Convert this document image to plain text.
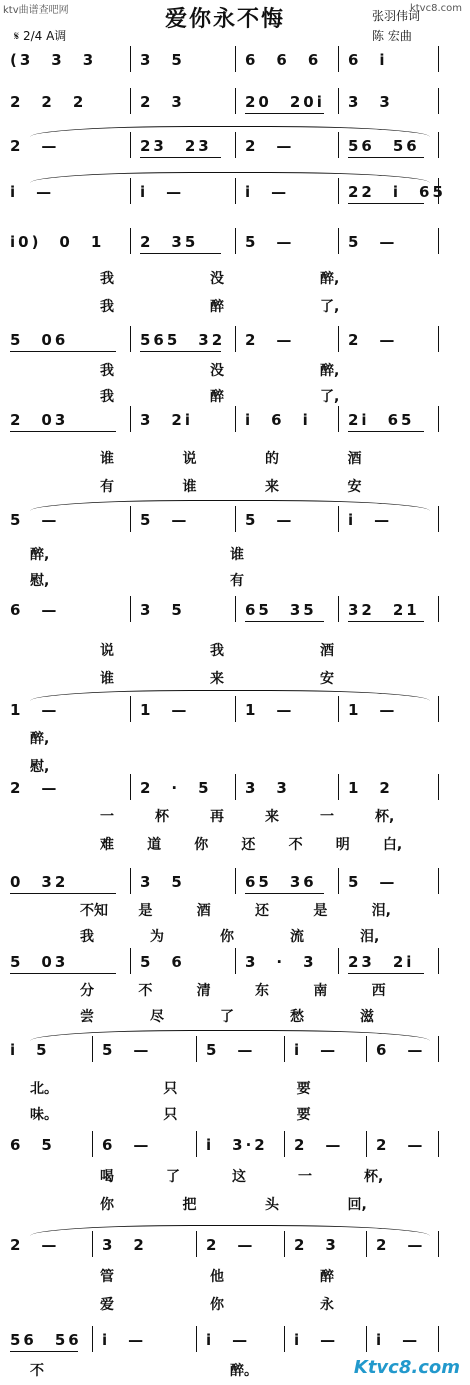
ktv曲谱查吧网	ktvc8.com
爱你永不悔	张羽伟词
陈 宏曲
𝄋 2/4 A调
(3 3 3	3 5	6 6 6 6 i
2 2 2	2 3	20 20i 3 3
2 —	23 23 2 —	56 56
i —	i —	i —	22 i 65
i0) 0 1 2 35	5 —	5 —
5 06	565 32 2 —	2 —
2 03	3 2i	i 6 i 2i 65
5 —	5 —	5 —	i —
6 —	3 5	65 35 32 21
1 —	1 —	1 —	1 —
2 —	2 · 5 3 3	1 2
0 32	3 5	65 36 5 —
5 03	5 6	3 · 3 23 2i
i 5	5 —	5 —	i —	6 —
6 5	6 —	i 3·2 2 — 2 —
2 —	3 2	2 —	2 3 2 —
56 56 i —	i —	i —	i —
我	没	醉,
我	醉	了,
我	没	醉,
我	醉	了,
谁	说	的	酒
有	谁	来	安
醉,	谁
慰,	有
说	我	酒
谁	来	安
醉,
慰,
一	杯	再	来	一	杯,
难 道 你 还 不 明 白,
不知 是	酒	还	是	泪,
我	为	你	流	泪,
分	不	清	东	南	西
尝	尽	了	愁	滋
北。	只	要
味。	只	要
喝	了	这	一	杯,
你	把	头	回,
管	他	醉
爱	你	永
不	醉。	Ktvc8.com
